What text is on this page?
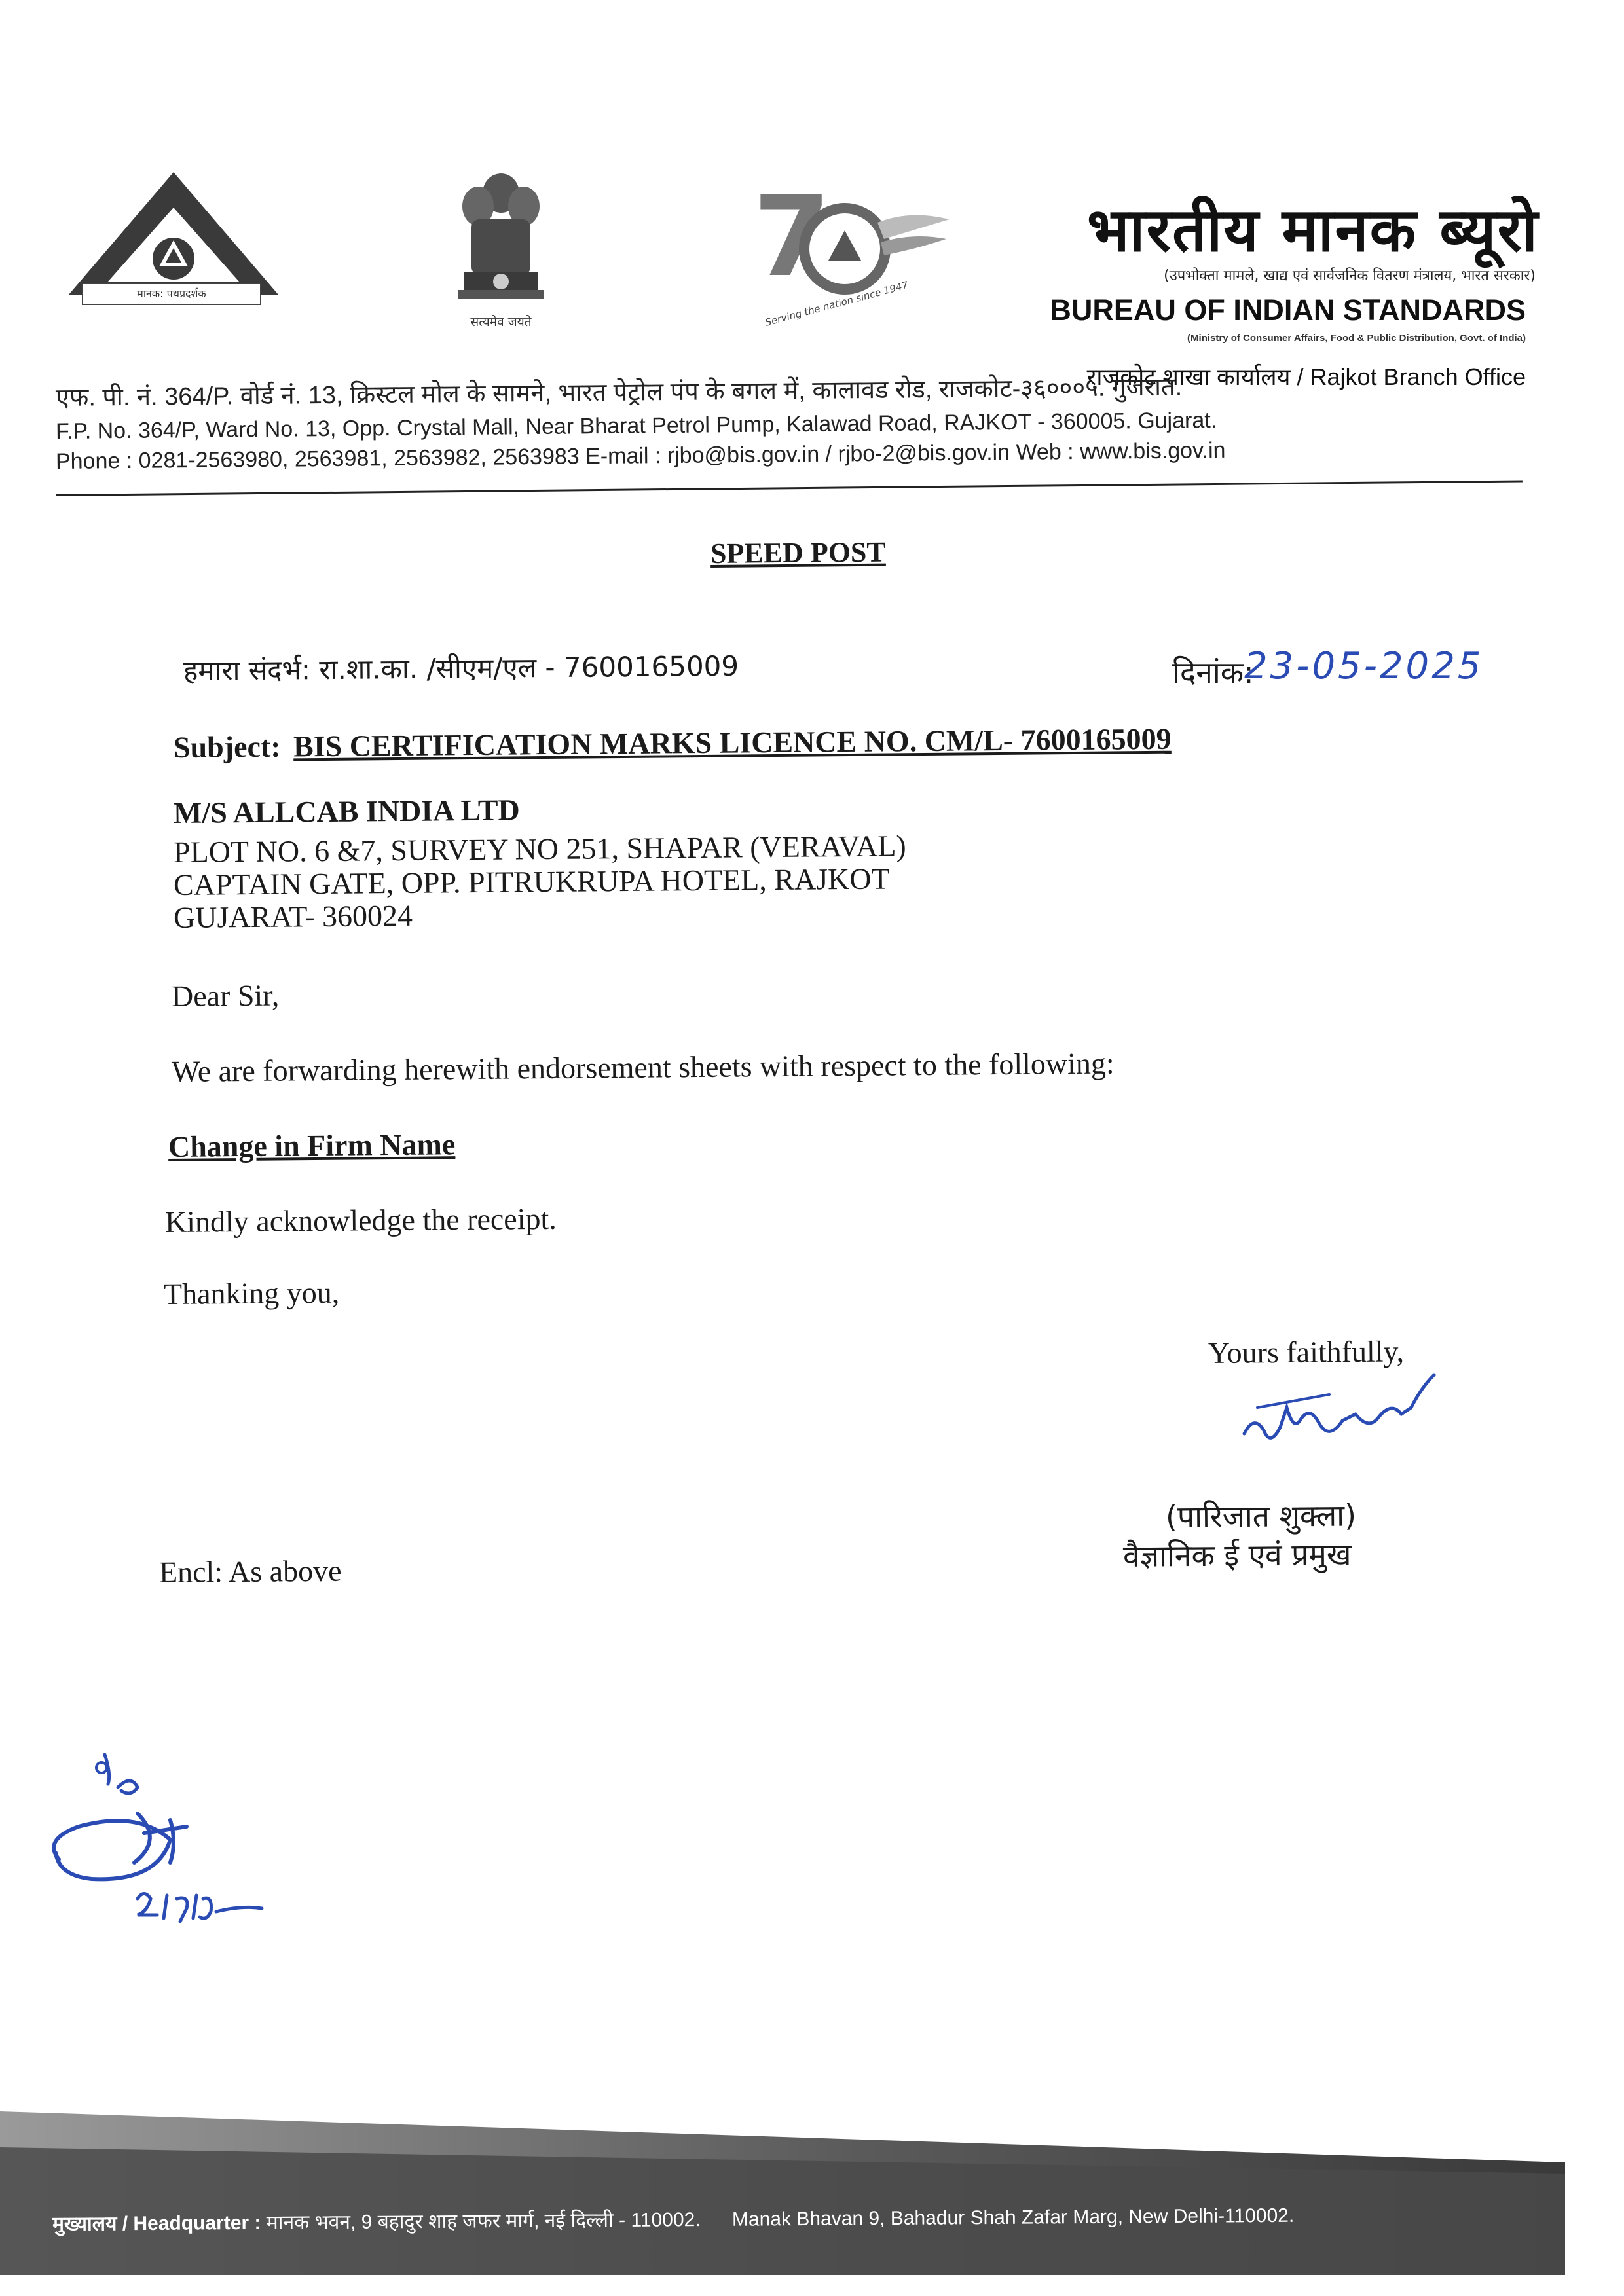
मानक: पथप्रदर्शक
सत्यमेव जयते
7
Serving the nation since 1947
भारतीय मानक ब्यूरो
(उपभोक्ता मामले, खाद्य एवं सार्वजनिक वितरण मंत्रालय, भारत सरकार)
BUREAU OF INDIAN STANDARDS
(Ministry of Consumer Affairs, Food & Public Distribution, Govt. of India)
राजकोट शाखा कार्यालय / Rajkot Branch Office
एफ. पी. नं. 364/P. वोर्ड नं. 13, क्रिस्टल मोल के सामने, भारत पेट्रोल पंप के बगल में, कालावड रोड, राजकोट-३६०००५. गुजरात.
F.P. No. 364/P, Ward No. 13, Opp. Crystal Mall, Near Bharat Petrol Pump, Kalawad Road, RAJKOT - 360005. Gujarat.
Phone : 0281-2563980, 2563981, 2563982, 2563983 E-mail : rjbo@bis.gov.in / rjbo-2@bis.gov.in Web : www.bis.gov.in
SPEED POST
हमारा संदर्भ: रा.शा.का. /सीएम/एल - 7600165009	दिनांक:
23-05-2025
Subject: BIS CERTIFICATION MARKS LICENCE NO. CM/L- 7600165009
M/S ALLCAB INDIA LTD
PLOT NO. 6 &7, SURVEY NO 251, SHAPAR (VERAVAL)
CAPTAIN GATE, OPP. PITRUKRUPA HOTEL, RAJKOT
GUJARAT- 360024
Dear Sir,
We are forwarding herewith endorsement sheets with respect to the following:
Change in Firm Name
Kindly acknowledge the receipt.
Thanking you,
Yours faithfully,
(पारिजात शुक्ला)
वैज्ञानिक ई एवं प्रमुख
Encl: As above
मुख्यालय / Headquarter : मानक भवन, 9 बहादुर शाह जफर मार्ग, नई दिल्ली - 110002. Manak Bhavan 9, Bahadur Shah Zafar Marg, New Delhi-110002.
